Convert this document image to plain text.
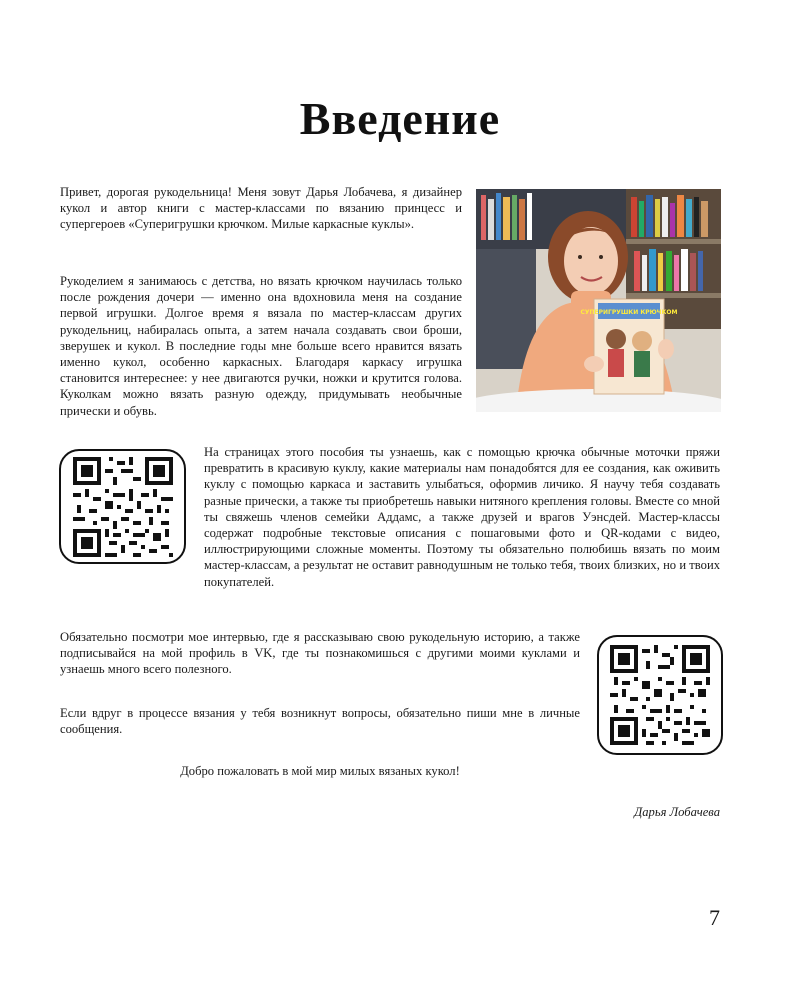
Введение

Привет, дорогая рукодельница! Меня зовут Дарья Лобачева, я дизайнер кукол и автор книги с мастер-классами по вязанию принцесс и супергероев «Суперигрушки крючком. Милые каркасные куклы».

Рукоделием я занимаюсь с детства, но вязать крючком научилась только после рождения дочери — именно она вдохновила меня на создание первой игрушки. Долгое время я вязала по мастер-классам других рукодельниц, набиралась опыта, а затем начала создавать свои броши, зверушек и кукол. В последние годы мне больше всего нравится вязать именно кукол, особенно каркасных. Благодаря каркасу игрушка становится интереснее: у нее двигаются ручки, ножки и крутится голова. Куколкам можно вязать разную одежду, придумывать необычные прически и обувь.

СУПЕРИГРУШКИ КРЮЧКОМ

На страницах этого пособия ты узнаешь, как с помощью крючка обычные моточки пряжи превратить в красивую куклу, какие материалы нам понадобятся для ее создания, как оживить куклу с помощью каркаса и заставить улыбаться, оформив личико. Я научу тебя создавать разные прически, а также ты приобретешь навыки нитяного крепления головы. Вместе со мной ты свяжешь членов семейки Аддамс, а также друзей и врагов Уэнсдей. Мастер-классы содержат подробные текстовые описания с пошаговыми фото и QR-кодами с видео, иллюстрирующими сложные моменты. Поэтому ты обязательно полюбишь вязать по моим мастер-классам, а результат не оставит равнодушным не только тебя, твоих близких, но и твоих покупателей.

Обязательно посмотри мое интервью, где я рассказываю свою рукодельную историю, а также подписывайся на мой профиль в VK, где ты познакомишься с другими моими куклами и узнаешь много всего полезного.

Если вдруг в процессе вязания у тебя возникнут вопросы, обязательно пиши мне в личные сообщения.

Добро пожаловать в мой мир милых вязаных кукол!

Дарья Лобачева

7
